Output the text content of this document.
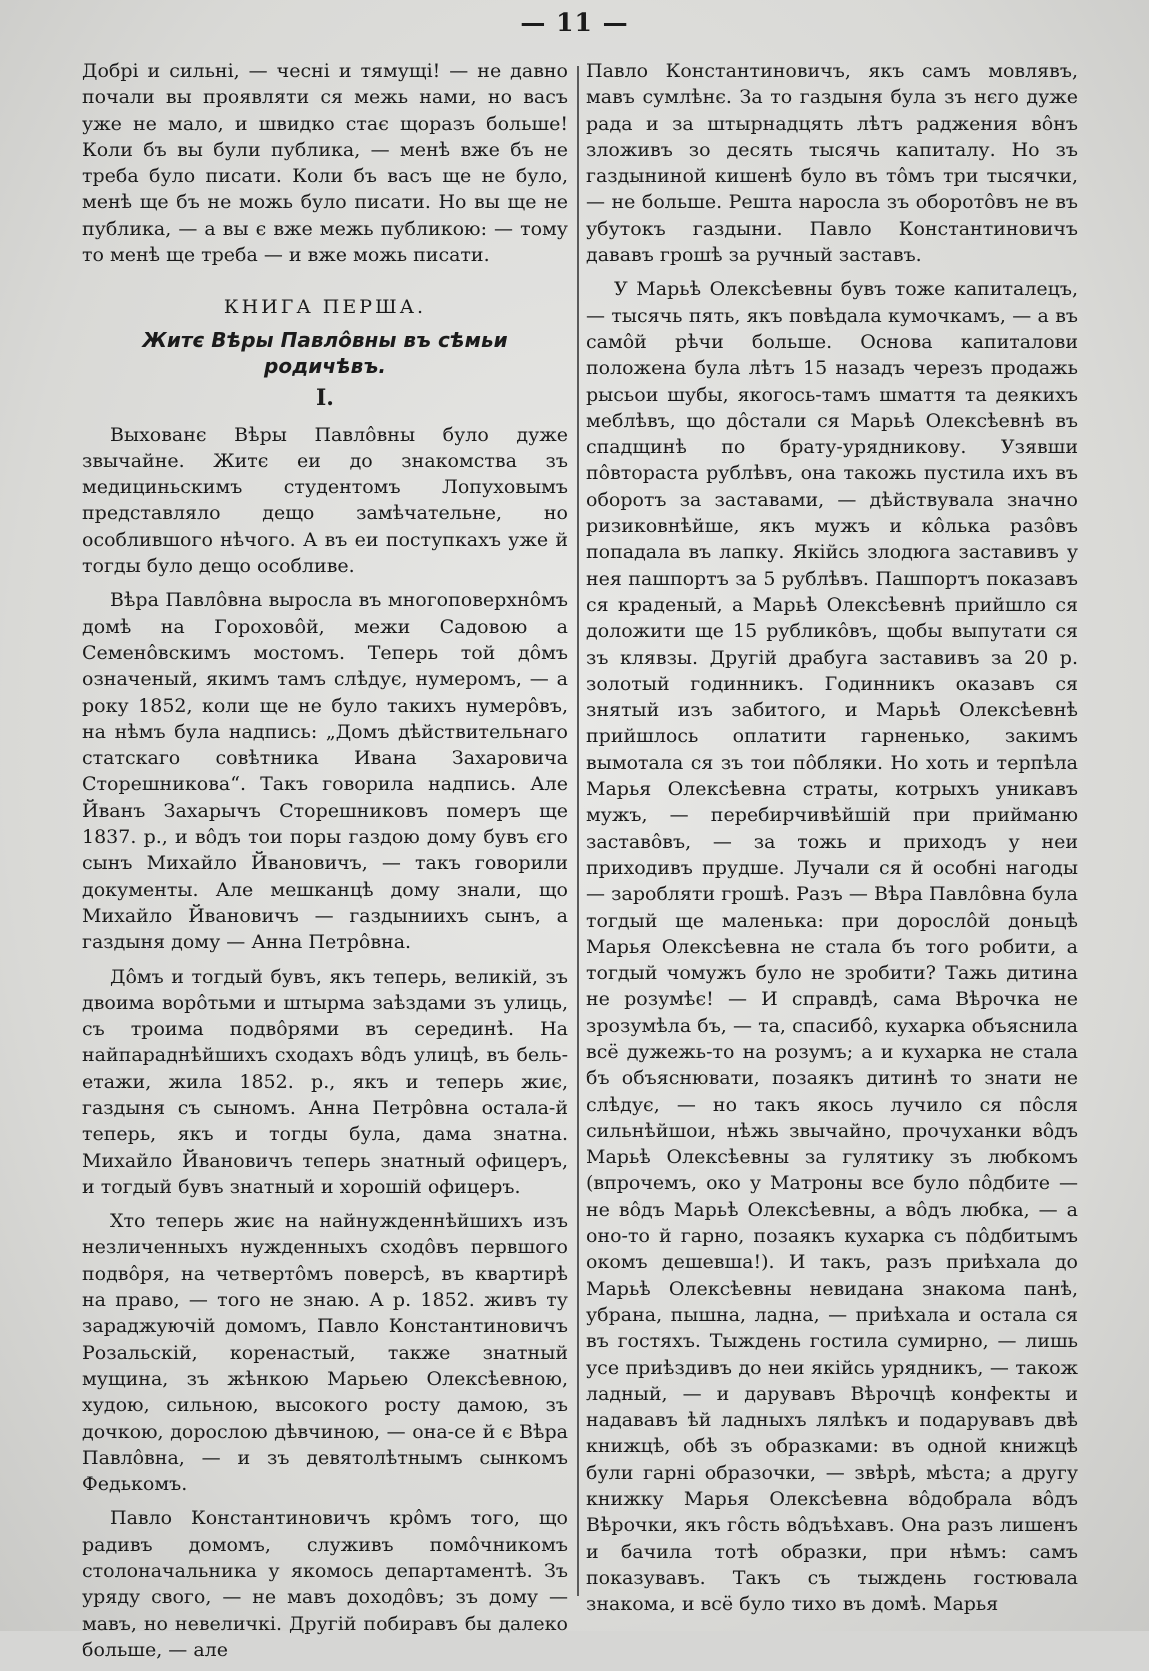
— 11 —

Добрі и сильні, — чесні и тямущі! — не давно почали вы проявляти ся межь нами, но васъ уже не мало, и швидко стає щоразъ больше! Коли бъ вы були публика, — менѣ вже бъ не треба було писати. Коли бъ васъ ще не було, менѣ ще бъ не можь було писати. Но вы ще не публика, — а вы є вже межь публикою: — тому то менѣ ще треба — и вже можь писати.

КНИГА ПЕРША.
Житє Вѣры Павлôвны въ сѣмьи родичѣвъ.
I.

Выхованє Вѣры Павлôвны було дуже звычайне. Житє еи до знакомства зъ медициньскимъ студентомъ Лопуховымъ представляло дещо замѣчательне, но особлившого нѣчого. А въ еи поступкахъ уже й тогды було дещо особливе.

Вѣра Павлôвна выросла въ многоповерхнôмъ домѣ на Гороховôй, межи Садовою а Семенôвскимъ мостомъ. Теперь той дôмъ означеный, якимъ тамъ слѣдує, нумеромъ, — а року 1852, коли ще не було такихъ нумерôвъ, на нѣмъ була надпись: „Домъ дѣйствительнаго статскаго совѣтника Ивана Захаровича Сторешникова“. Такъ говорила надпись. Але Йванъ Захарычъ Сторешниковъ померъ ще 1837. р., и вôдъ тои поры газдою дому бувъ єго сынъ Михайло Йвановичъ, — такъ говорили документы. Але мешканцѣ дому знали, що Михайло Йвановичъ — газдыниихъ сынъ, а газдыня дому — Анна Петрôвна.

Дôмъ и тогдый бувъ, якъ теперь, великій, зъ двоима ворôтьми и штырма заѣздами зъ улиць, съ троима подвôрями въ серединѣ. На найпараднѣйшихъ сходахъ вôдъ улицѣ, въ бель-етажи, жила 1852. р., якъ и теперь жиє, газдыня съ сыномъ. Анна Петрôвна остала-й теперь, якъ и тогды була, дама знатна. Михайло Йвановичъ теперь знатный офицеръ, и тогдый бувъ знатный и хорошій офицеръ.

Хто теперь жиє на найнужденнѣйшихъ изъ незличенныхъ нужденныхъ сходôвъ первшого подвôря, на четвертôмъ поверсѣ, въ квартирѣ на право, — того не знаю. А р. 1852. живъ ту зараджуючій домомъ, Павло Константиновичъ Розальскій, коренастый, также знатный мущина, зъ жѣнкою Марьею Олексѣевною, худою, сильною, высокого росту дамою, зъ дочкою, дорослою дѣвчиною, — она-се й є Вѣра Павлôвна, — и зъ девятолѣтнымъ сынкомъ Федькомъ.

Павло Константиновичъ крôмъ того, що радивъ домомъ, служивъ помôчникомъ столоначальника у якомось департаментѣ. Зъ уряду свого, — не мавъ доходôвъ; зъ дому — мавъ, но невеличкі. Другій побиравъ бы далеко больше, — але

Павло Константиновичъ, якъ самъ мовлявъ, мавъ сумлѣнє. За то газдыня була зъ нєго дуже рада и за штырнадцять лѣтъ раджения вôнъ зложивъ зо десять тысячь капиталу. Но зъ газдыниной кишенѣ було въ тôмъ три тысячки, — не больше. Решта наросла зъ оборотôвъ не въ убутокъ газдыни. Павло Константиновичъ дававъ грошѣ за ручный заставъ.

У Марьѣ Олексѣевны бувъ тоже капиталецъ, — тысячь пять, якъ повѣдала кумочкамъ, — а въ самôй рѣчи больше. Основа капиталови положена була лѣтъ 15 назадъ черезъ продажь рысьои шубы, якогось-тамъ шмаття та деякихъ меблѣвъ, що дôстали ся Марьѣ Олексѣевнѣ въ спадщинѣ по брату-урядникову. Узявши пôвтораста рублѣвъ, она такожь пустила ихъ въ оборотъ за заставами, — дѣйствувала значно ризиковнѣйше, якъ мужъ и кôлька разôвъ попадала въ лапку. Якійсь злодюга заставивъ у нея пашпортъ за 5 рублѣвъ. Пашпортъ показавъ ся краденый, а Марьѣ Олексѣевнѣ прийшло ся доложити ще 15 рубликôвъ, щобы выпутати ся зъ клявзы. Другій драбуга заставивъ за 20 р. золотый годинникъ. Годинникъ оказавъ ся знятый изъ забитого, и Марьѣ Олексѣевнѣ прийшлось оплатити гарненько, закимъ вымотала ся зъ тои пôбляки. Но хоть и терпѣла Марья Олексѣевна страты, котрыхъ уникавъ мужъ, — перебирчивѣйшій при прийманю заставôвъ, — за тожь и приходъ у неи приходивъ прудше. Лучали ся й особні нагоды — заробляти грошѣ. Разъ — Вѣра Павлôвна була тогдый ще маленька: при дорослôй доньцѣ Марья Олексѣевна не стала бъ того робити, а тогдый чомужъ було не зробити? Тажь дитина не розумѣє! — И справдѣ, сама Вѣрочка не зрозумѣла бъ, — та, спасибô, кухарка объяснила всё дужежь-то на розумъ; а и кухарка не стала бъ объяснювати, позаякъ дитинѣ то знати не слѣдує, — но такъ якось лучило ся пôсля сильнѣйшои, нѣжь звычайно, прочуханки вôдъ Марьѣ Олексѣевны за гулятику зъ любкомъ (впрочемъ, око у Матроны все було пôдбите — не вôдъ Марьѣ Олексѣевны, а вôдъ любка, — а оно-то й гарно, позаякъ кухарка съ пôдбитымъ окомъ дешевша!). И такъ, разъ приѣхала до Марьѣ Олексѣевны невидана знакома панѣ, убрана, пышна, ладна, — приѣхала и остала ся въ гостяхъ. Тыждень гостила сумирно, — лишь усе приѣздивъ до неи якійсь урядникъ, — також ладный, — и дарувавъ Вѣрочцѣ конфекты и надававъ ѣй ладныхъ лялѣкъ и подарувавъ двѣ книжцѣ, обѣ зъ образками: въ одной книжцѣ були гарні образочки, — звѣрѣ, мѣста; а другу книжку Марья Олексѣевна вôдобрала вôдъ Вѣрочки, якъ гôсть вôдъѣхавъ. Она разъ лишенъ и бачила тотѣ образки, при нѣмъ: самъ показувавъ. Такъ съ тыждень гостювала знакома, и всё було тихо въ домѣ. Марья
